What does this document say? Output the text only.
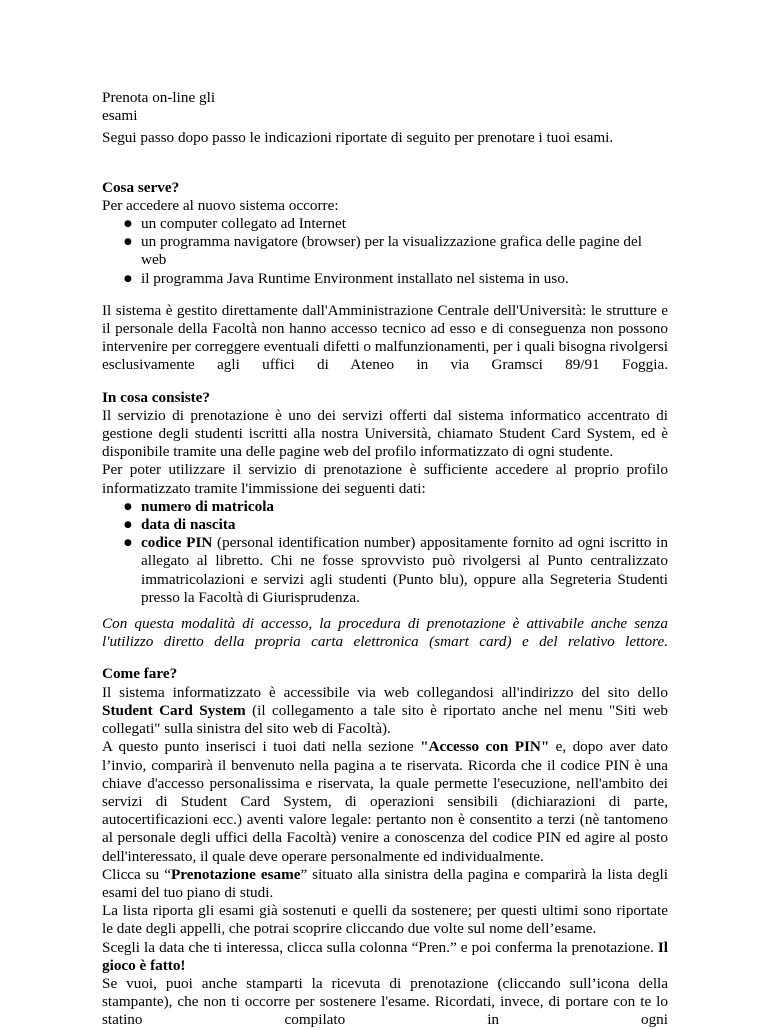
Prenota on-line gli
esami

Segui passo dopo passo le indicazioni riportate di seguito per prenotare i tuoi esami.

Cosa serve?

Per accedere al nuovo sistema occorre:

● un computer collegato ad Internet
● un programma navigatore (browser) per la visualizzazione grafica delle pagine del web
● il programma Java Runtime Environment installato nel sistema in uso.

Il sistema è gestito direttamente dall'Amministrazione Centrale dell'Università: le strutture e il personale della Facoltà non hanno accesso tecnico ad esso e di conseguenza non possono intervenire per correggere eventuali difetti o malfunzionamenti, per i quali bisogna rivolgersi esclusivamente agli uffici di Ateneo in via Gramsci 89/91 Foggia.

In cosa consiste?

Il servizio di prenotazione è uno dei servizi offerti dal sistema informatico accentrato di gestione degli studenti iscritti alla nostra Università, chiamato Student Card System, ed è disponibile tramite una delle pagine web del profilo informatizzato di ogni studente.

Per poter utilizzare il servizio di prenotazione è sufficiente accedere al proprio profilo informatizzato tramite l'immissione dei seguenti dati:

● numero di matricola
● data di nascita
● codice PIN (personal identification number) appositamente fornito ad ogni iscritto in allegato al libretto. Chi ne fosse sprovvisto può rivolgersi al Punto centralizzato immatricolazioni e servizi agli studenti (Punto blu), oppure alla Segreteria Studenti presso la Facoltà di Giurisprudenza.

Con questa modalità di accesso, la procedura di prenotazione è attivabile anche senza l'utilizzo diretto della propria carta elettronica (smart card) e del relativo lettore.

Come fare?

Il sistema informatizzato è accessibile via web collegandosi all'indirizzo del sito dello Student Card System (il collegamento a tale sito è riportato anche nel menu "Siti web collegati" sulla sinistra del sito web di Facoltà).

A questo punto inserisci i tuoi dati nella sezione "Accesso con PIN" e, dopo aver dato l’invio, comparirà il benvenuto nella pagina a te riservata. Ricorda che il codice PIN è una chiave d'accesso personalissima e riservata, la quale permette l'esecuzione, nell'ambito dei servizi di Student Card System, di operazioni sensibili (dichiarazioni di parte, autocertificazioni ecc.) aventi valore legale: pertanto non è consentito a terzi (nè tantomeno al personale degli uffici della Facoltà) venire a conoscenza del codice PIN ed agire al posto dell'interessato, il quale deve operare personalmente ed individualmente.

Clicca su “Prenotazione esame” situato alla sinistra della pagina e comparirà la lista degli esami del tuo piano di studi.

La lista riporta gli esami già sostenuti e quelli da sostenere; per questi ultimi sono riportate le date degli appelli, che potrai scoprire cliccando due volte sul nome dell’esame.

Scegli la data che ti interessa, clicca sulla colonna “Pren.” e poi conferma la prenotazione. Il gioco è fatto!

Se vuoi, puoi anche stamparti la ricevuta di prenotazione (cliccando sull’icona della stampante), che non ti occorre per sostenere l'esame. Ricordati, invece, di portare con te lo statino compilato in ogni
